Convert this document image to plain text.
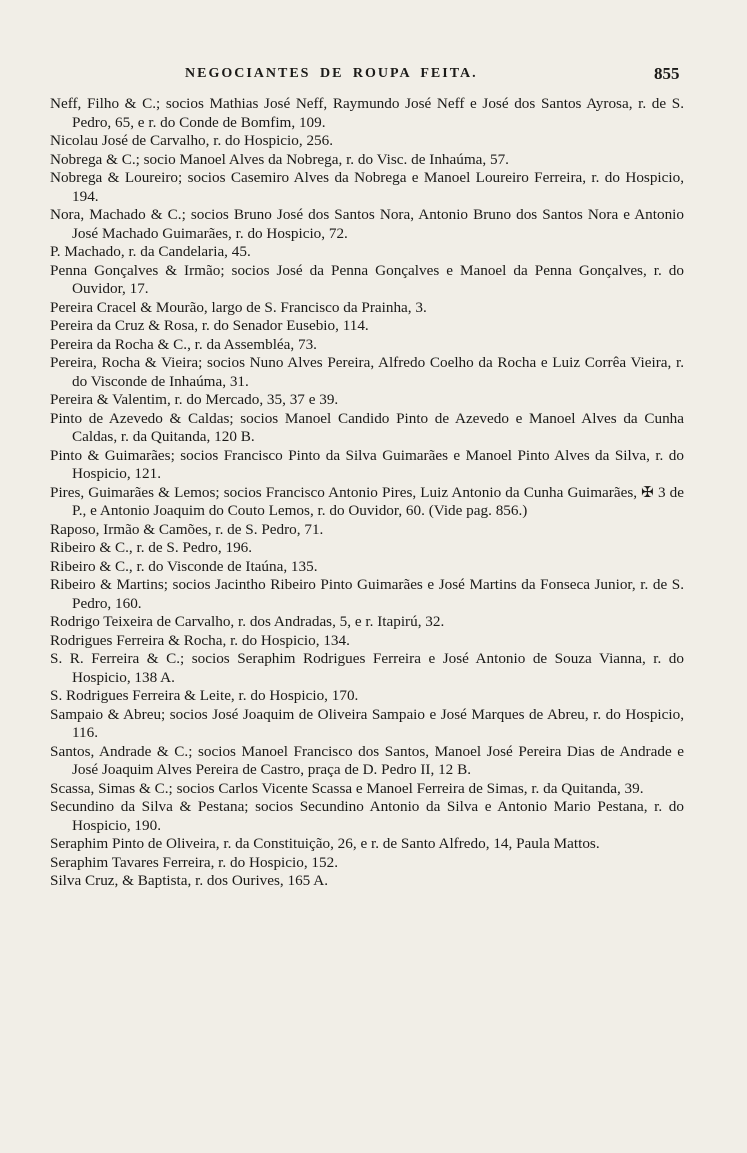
NEGOCIANTES DE ROUPA FEITA.	855

Neff, Filho & C.; socios Mathias José Neff, Raymundo José Neff e José dos Santos Ayrosa, r. de S. Pedro, 65, e r. do Conde de Bomfim, 109.

Nicolau José de Carvalho, r. do Hospicio, 256.

Nobrega & C.; socio Manoel Alves da Nobrega, r. do Visc. de Inhaúma, 57.

Nobrega & Loureiro; socios Casemiro Alves da Nobrega e Manoel Loureiro Ferreira, r. do Hospicio, 194.

Nora, Machado & C.; socios Bruno José dos Santos Nora, Antonio Bruno dos Santos Nora e Antonio José Machado Guimarães, r. do Hospicio, 72.

P. Machado, r. da Candelaria, 45.

Penna Gonçalves & Irmão; socios José da Penna Gonçalves e Manoel da Penna Gonçalves, r. do Ouvidor, 17.

Pereira Cracel & Mourão, largo de S. Francisco da Prainha, 3.

Pereira da Cruz & Rosa, r. do Senador Eusebio, 114.

Pereira da Rocha & C., r. da Assembléa, 73.

Pereira, Rocha & Vieira; socios Nuno Alves Pereira, Alfredo Coelho da Rocha e Luiz Corrêa Vieira, r. do Visconde de Inhaúma, 31.

Pereira & Valentim, r. do Mercado, 35, 37 e 39.

Pinto de Azevedo & Caldas; socios Manoel Candido Pinto de Azevedo e Manoel Alves da Cunha Caldas, r. da Quitanda, 120 B.

Pinto & Guimarães; socios Francisco Pinto da Silva Guimarães e Manoel Pinto Alves da Silva, r. do Hospicio, 121.

Pires, Guimarães & Lemos; socios Francisco Antonio Pires, Luiz Antonio da Cunha Guimarães, ✠ 3 de P., e Antonio Joaquim do Couto Lemos, r. do Ouvidor, 60. (Vide pag. 856.)

Raposo, Irmão & Camões, r. de S. Pedro, 71.

Ribeiro & C., r. de S. Pedro, 196.

Ribeiro & C., r. do Visconde de Itaúna, 135.

Ribeiro & Martins; socios Jacintho Ribeiro Pinto Guimarães e José Martins da Fonseca Junior, r. de S. Pedro, 160.

Rodrigo Teixeira de Carvalho, r. dos Andradas, 5, e r. Itapirú, 32.

Rodrigues Ferreira & Rocha, r. do Hospicio, 134.

S. R. Ferreira & C.; socios Seraphim Rodrigues Ferreira e José Antonio de Souza Vianna, r. do Hospicio, 138 A.

S. Rodrigues Ferreira & Leite, r. do Hospicio, 170.

Sampaio & Abreu; socios José Joaquim de Oliveira Sampaio e José Marques de Abreu, r. do Hospicio, 116.

Santos, Andrade & C.; socios Manoel Francisco dos Santos, Manoel José Pereira Dias de Andrade e José Joaquim Alves Pereira de Castro, praça de D. Pedro II, 12 B.

Scassa, Simas & C.; socios Carlos Vicente Scassa e Manoel Ferreira de Simas, r. da Quitanda, 39.

Secundino da Silva & Pestana; socios Secundino Antonio da Silva e Antonio Mario Pestana, r. do Hospicio, 190.

Seraphim Pinto de Oliveira, r. da Constituição, 26, e r. de Santo Alfredo, 14, Paula Mattos.

Seraphim Tavares Ferreira, r. do Hospicio, 152.

Silva Cruz, & Baptista, r. dos Ourives, 165 A.
